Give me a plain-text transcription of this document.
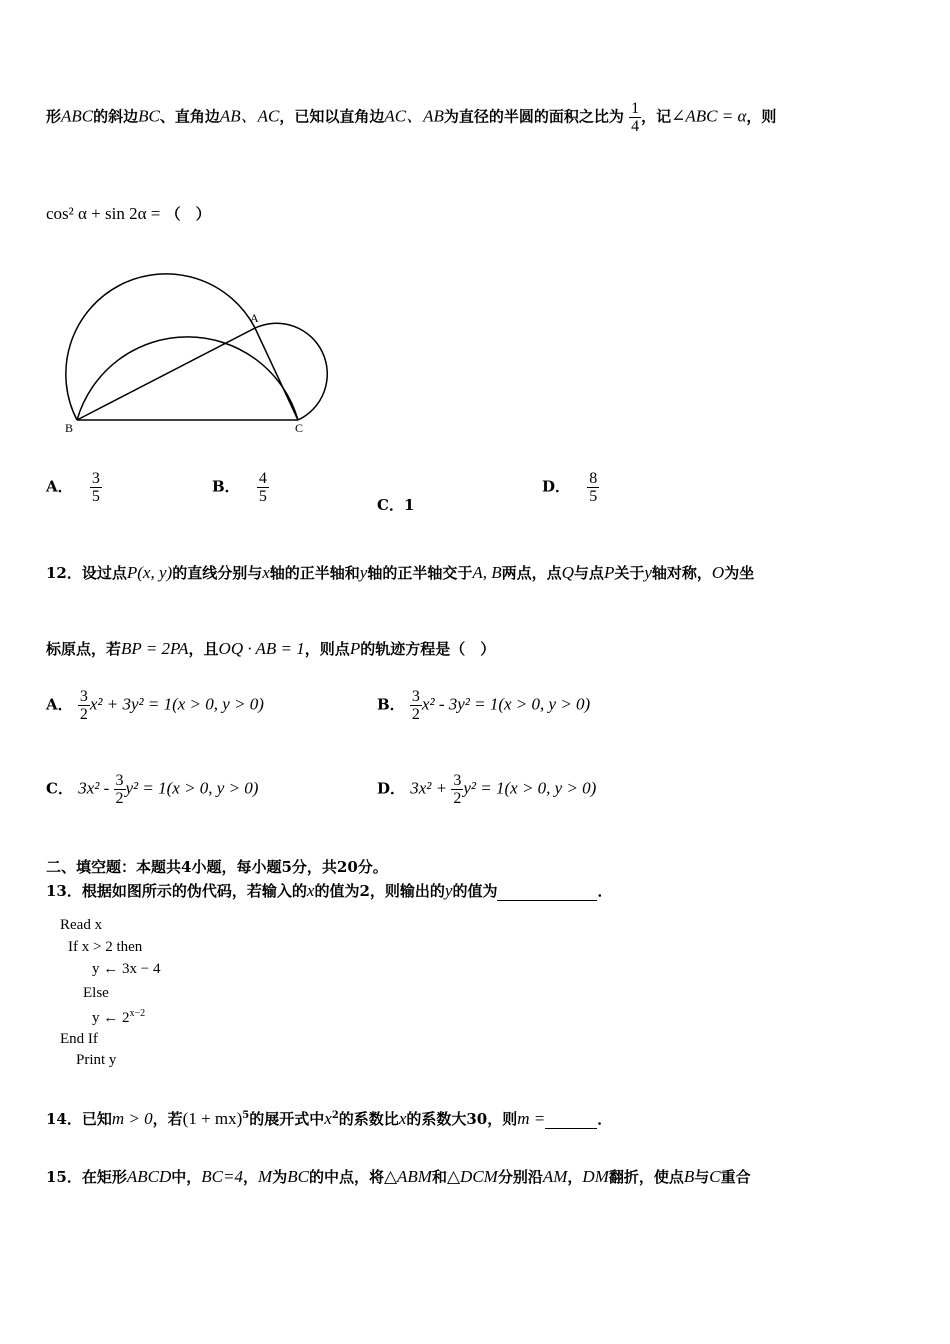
形ABC的斜边BC、直角边AB、AC，已知以直角边AC、AB为直径的半圆的面积之比为 $\frac{1}{4}$ ，记∠ABC = α，则
cos² α + sin 2α = （　）
A
B	C
A． $\frac{3}{5}$	B． $\frac{4}{5}$	C．1
D． $\frac{8}{5}$
12．设过点P(x, y)的直线分别与x轴的正半轴和y轴的正半轴交于A, B两点，点Q与点P关于y轴对称，O为坐
标原点，若BP = 2PA，且OQ · AB = 1，则点P的轨迹方程是（　）
A． $\frac{3}{2} x^2 + 3y^2 = 1(x > 0$, y > 0)	B． $\frac{3}{2} x^2 - 3y^2 = 1(x > 0$, y > 0)
C． $3x^2 - \frac{3}{2} y^2 = 1(x > 0$, y > 0)	D． $3x^2 + \frac{3}{2} y^2 = 1(x > 0$, y > 0)
二、填空题：本题共4小题，每小题5分，共20分。
13．根据如图所示的伪代码，若输入的x的值为2，则输出的y的值为	．
Read x
If x > 2 then
y ← 3x − 4
Else
y ← $2^{x-2}$
End If
Print y
14．已知m > 0，若(1 + mx)$^5$的展开式中$x^2$的系数比x的系数大30，则m =	．
15．在矩形ABCD中，BC=4，M为BC的中点，将△ABM和△DCM分别沿AM，DM翻折，使点B与C重合
